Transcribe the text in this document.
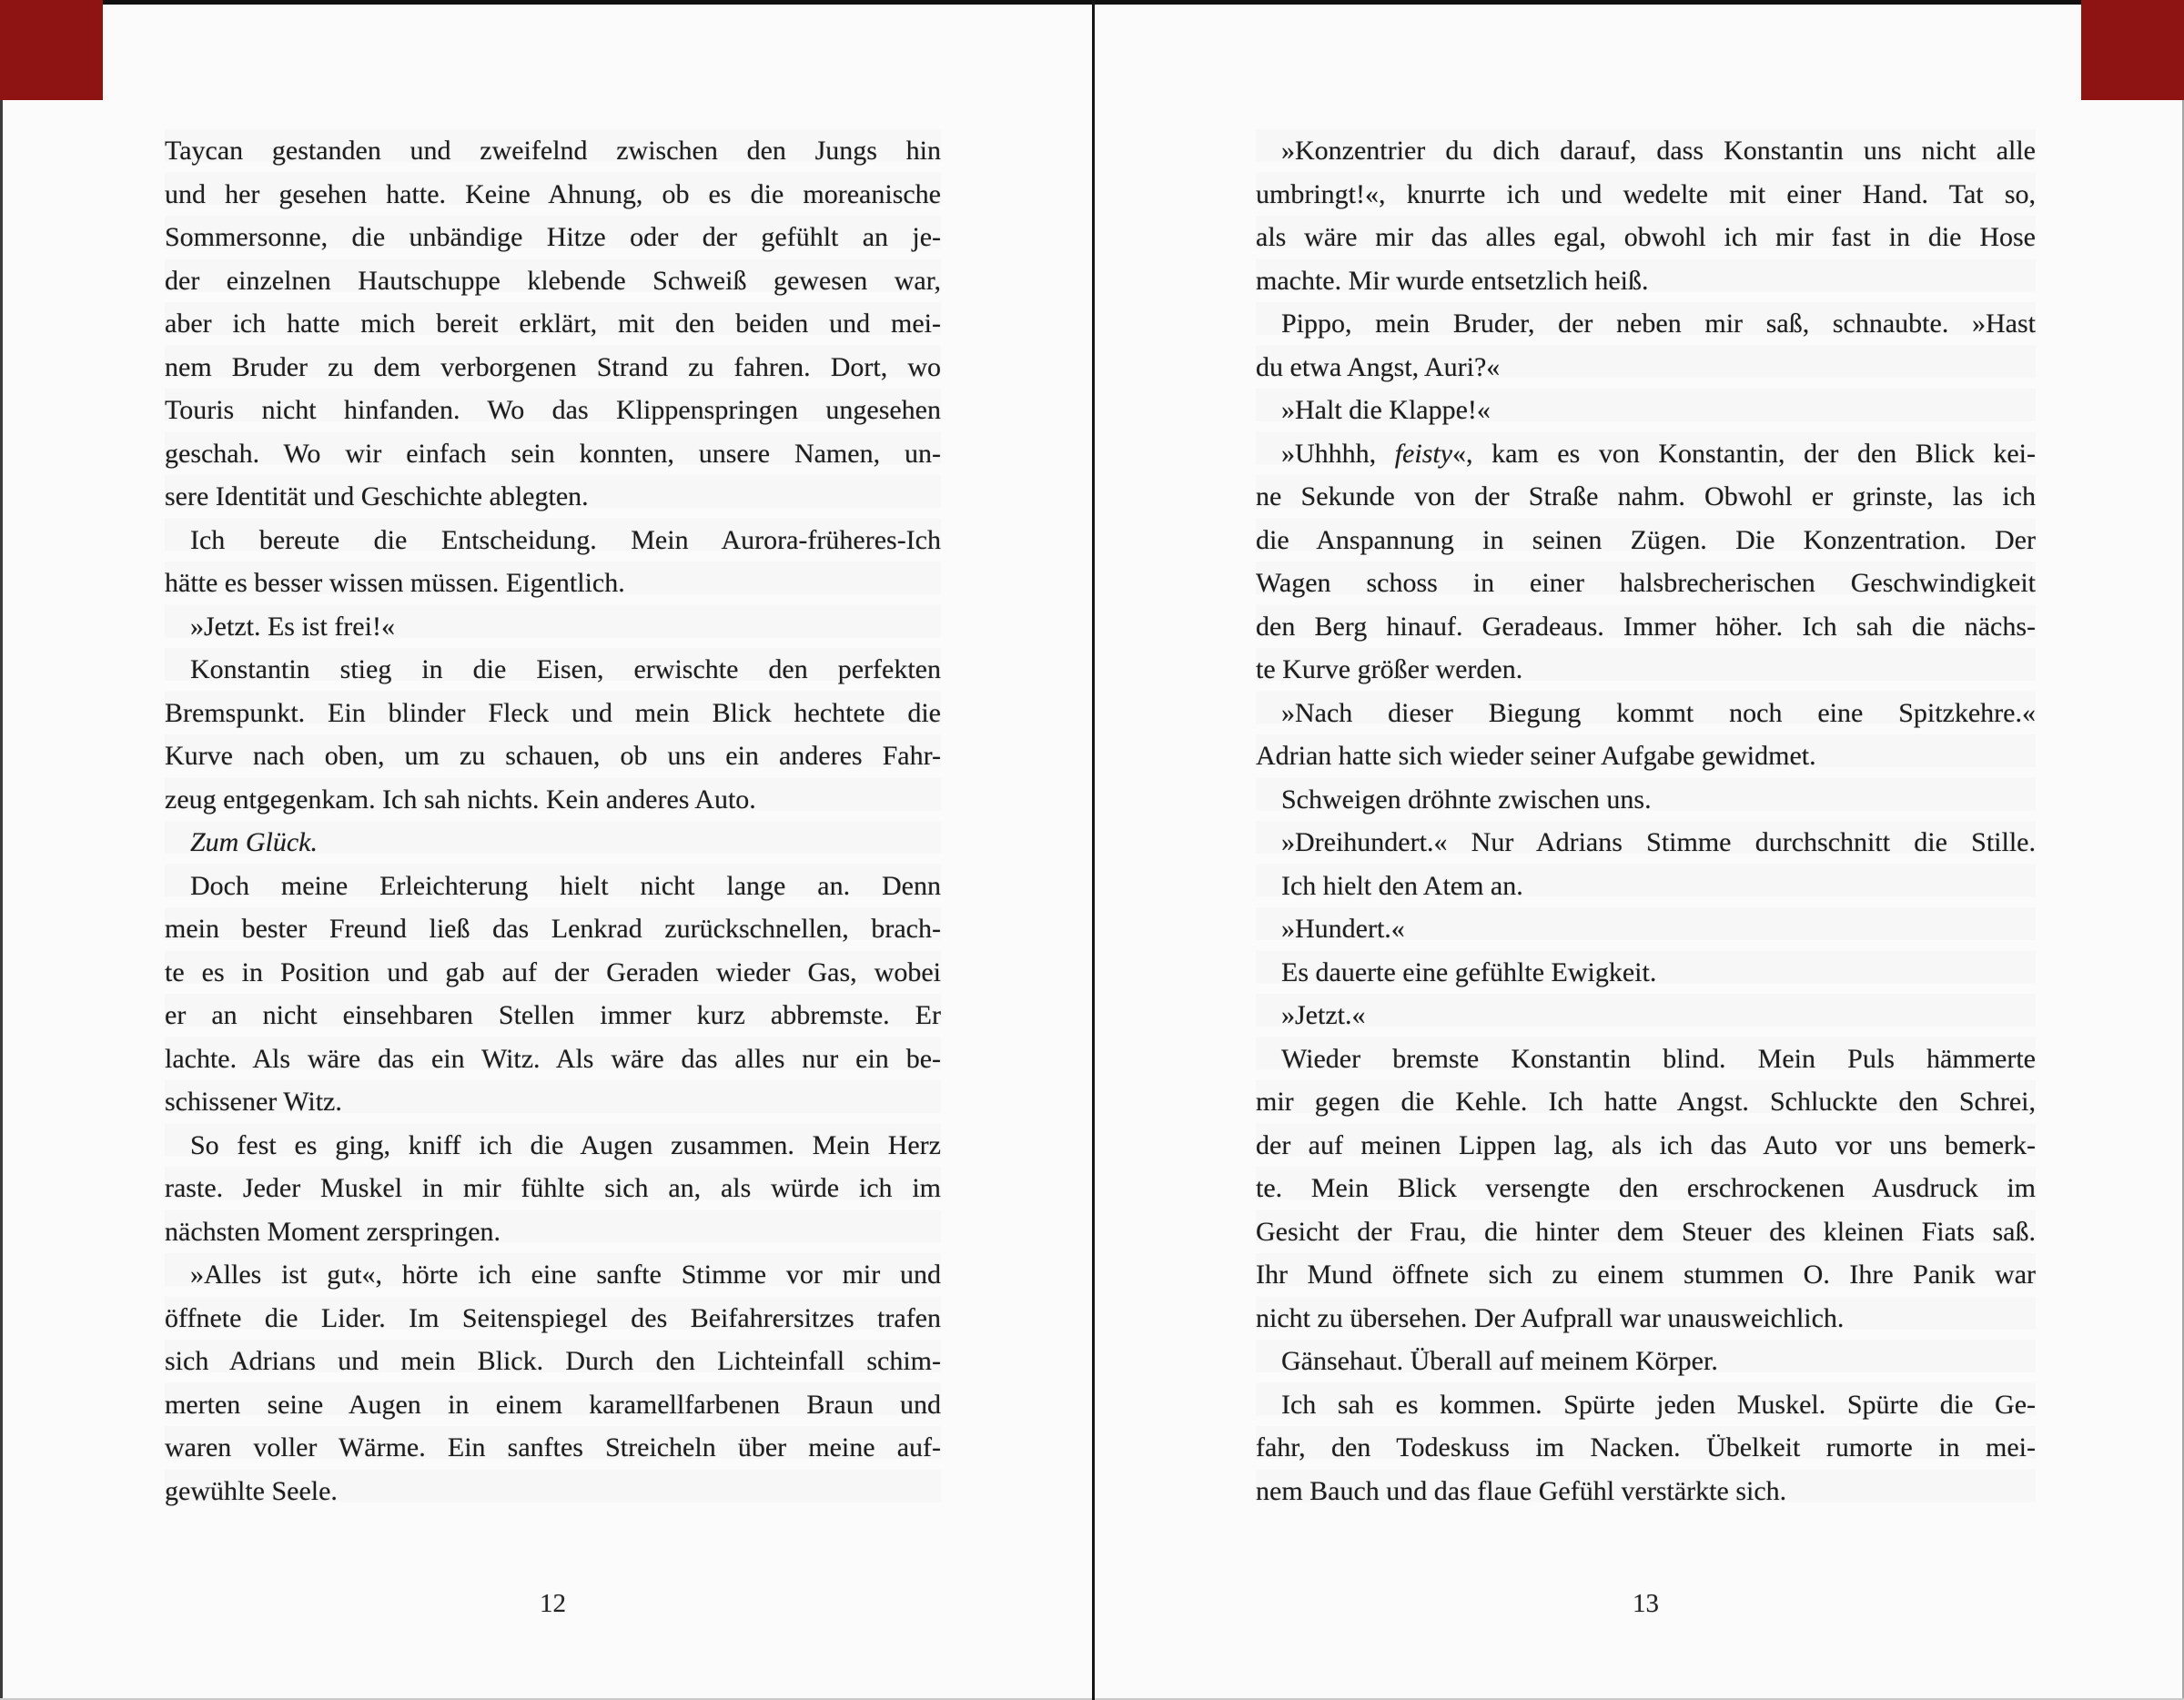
Taycan gestanden und zweifelnd zwischen den Jungs hin
und her gesehen hatte. Keine Ahnung, ob es die moreanische
Sommersonne, die unbändige Hitze oder der gefühlt an je-
der einzelnen Hautschuppe klebende Schweiß gewesen war,
aber ich hatte mich bereit erklärt, mit den beiden und mei-
nem Bruder zu dem verborgenen Strand zu fahren. Dort, wo
Touris nicht hinfanden. Wo das Klippenspringen ungesehen
geschah. Wo wir einfach sein konnten, unsere Namen, un-
sere Identität und Geschichte ablegten.
Ich bereute die Entscheidung. Mein Aurora-früheres-Ich
hätte es besser wissen müssen. Eigentlich.
»Jetzt. Es ist frei!«
Konstantin stieg in die Eisen, erwischte den perfekten
Bremspunkt. Ein blinder Fleck und mein Blick hechtete die
Kurve nach oben, um zu schauen, ob uns ein anderes Fahr-
zeug entgegenkam. Ich sah nichts. Kein anderes Auto.
Zum Glück.
Doch meine Erleichterung hielt nicht lange an. Denn
mein bester Freund ließ das Lenkrad zurückschnellen, brach-
te es in Position und gab auf der Geraden wieder Gas, wobei
er an nicht einsehbaren Stellen immer kurz abbremste. Er
lachte. Als wäre das ein Witz. Als wäre das alles nur ein be-
schissener Witz.
So fest es ging, kniff ich die Augen zusammen. Mein Herz
raste. Jeder Muskel in mir fühlte sich an, als würde ich im
nächsten Moment zerspringen.
»Alles ist gut«, hörte ich eine sanfte Stimme vor mir und
öffnete die Lider. Im Seitenspiegel des Beifahrersitzes trafen
sich Adrians und mein Blick. Durch den Lichteinfall schim-
merten seine Augen in einem karamellfarbenen Braun und
waren voller Wärme. Ein sanftes Streicheln über meine auf-
gewühlte Seele.
»Konzentrier du dich darauf, dass Konstantin uns nicht alle
umbringt!«, knurrte ich und wedelte mit einer Hand. Tat so,
als wäre mir das alles egal, obwohl ich mir fast in die Hose
machte. Mir wurde entsetzlich heiß.
Pippo, mein Bruder, der neben mir saß, schnaubte. »Hast
du etwa Angst, Auri?«
»Halt die Klappe!«
»Uhhhh, feisty«, kam es von Konstantin, der den Blick kei-
ne Sekunde von der Straße nahm. Obwohl er grinste, las ich
die Anspannung in seinen Zügen. Die Konzentration. Der
Wagen schoss in einer halsbrecherischen Geschwindigkeit
den Berg hinauf. Geradeaus. Immer höher. Ich sah die nächs-
te Kurve größer werden.
»Nach dieser Biegung kommt noch eine Spitzkehre.«
Adrian hatte sich wieder seiner Aufgabe gewidmet.
Schweigen dröhnte zwischen uns.
»Dreihundert.« Nur Adrians Stimme durchschnitt die Stille.
Ich hielt den Atem an.
»Hundert.«
Es dauerte eine gefühlte Ewigkeit.
»Jetzt.«
Wieder bremste Konstantin blind. Mein Puls hämmerte
mir gegen die Kehle. Ich hatte Angst. Schluckte den Schrei,
der auf meinen Lippen lag, als ich das Auto vor uns bemerk-
te. Mein Blick versengte den erschrockenen Ausdruck im
Gesicht der Frau, die hinter dem Steuer des kleinen Fiats saß.
Ihr Mund öffnete sich zu einem stummen O. Ihre Panik war
nicht zu übersehen. Der Aufprall war unausweichlich.
Gänsehaut. Überall auf meinem Körper.
Ich sah es kommen. Spürte jeden Muskel. Spürte die Ge-
fahr, den Todeskuss im Nacken. Übelkeit rumorte in mei-
nem Bauch und das flaue Gefühl verstärkte sich.
12	13
